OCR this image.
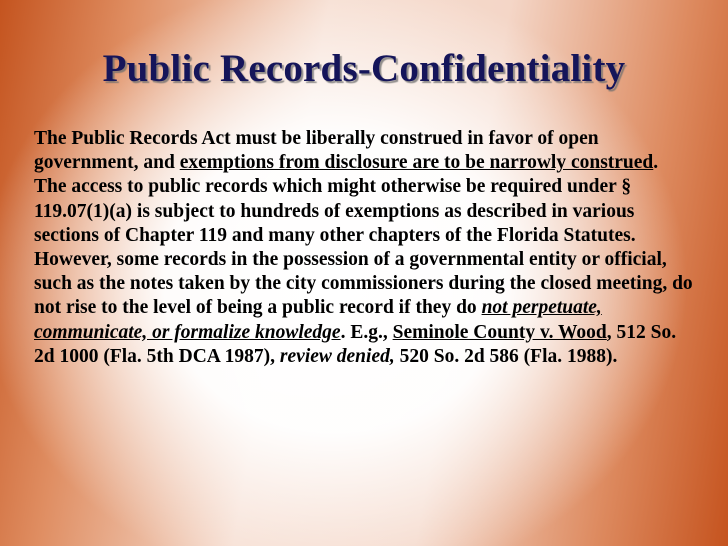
Public Records-Confidentiality

The Public Records Act must be liberally construed in favor of open government, and exemptions from disclosure are to be narrowly construed. The access to public records which might otherwise be required under § 119.07(1)(a) is subject to hundreds of exemptions as described in various sections of Chapter 119 and many other chapters of the Florida Statutes. However, some records in the possession of a governmental entity or official, such as the notes taken by the city commissioners during the closed meeting, do not rise to the level of being a public record if they do not perpetuate, communicate, or formalize knowledge. E.g., Seminole County v. Wood, 512 So. 2d 1000 (Fla. 5th DCA 1987), review denied, 520 So. 2d 586 (Fla. 1988).
